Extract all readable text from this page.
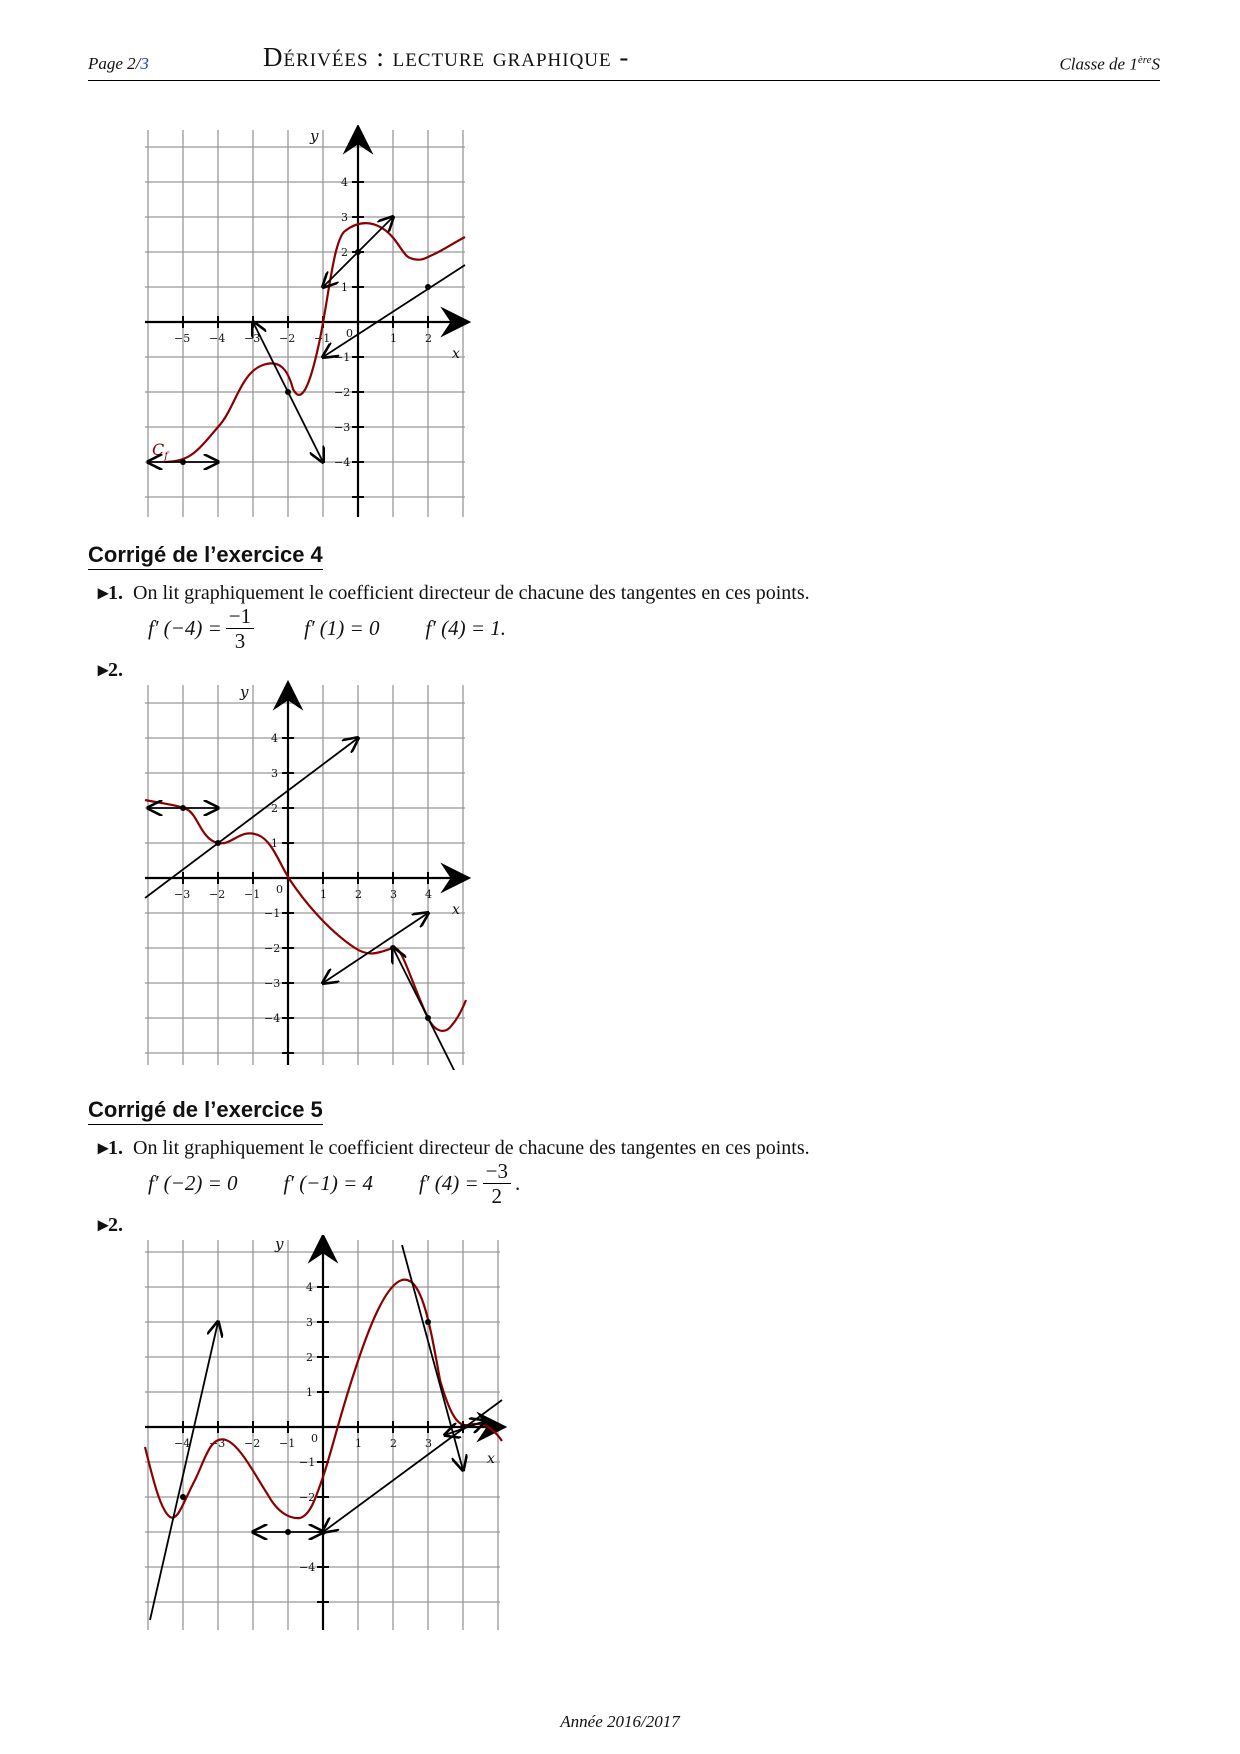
Page 2/3	Dérivées : lecture graphique -	Classe de 1èreS
−5 −4 −3 −2 −1	1	2
4
3
2
1
−1
−2
−3
−4
0
x
y
$C_f$
Corrigé de l’exercice 4
▸1. On lit graphiquement le coefficient directeur de chacune des tangentes en ces points.
f′ $(-4) = \frac{-1}{3} f'$ (1) = 0 f′ (4) = 1.
▸2.
−3 −2 −1	1	2	3	4
4
3
2
1
−1
−2
−3
−4
0
x
y
Corrigé de l’exercice 5
▸1. On lit graphiquement le coefficient directeur de chacune des tangentes en ces points.
f′ (−2) = 0 f′ (−1) = 4 f′ $(4) = \frac{-3}{2}$ .
▸2.
−4 −3 −2 −1	1	2	3
4
3
2
1
−1
−2
−4
0
x
y
Année 2016/2017
